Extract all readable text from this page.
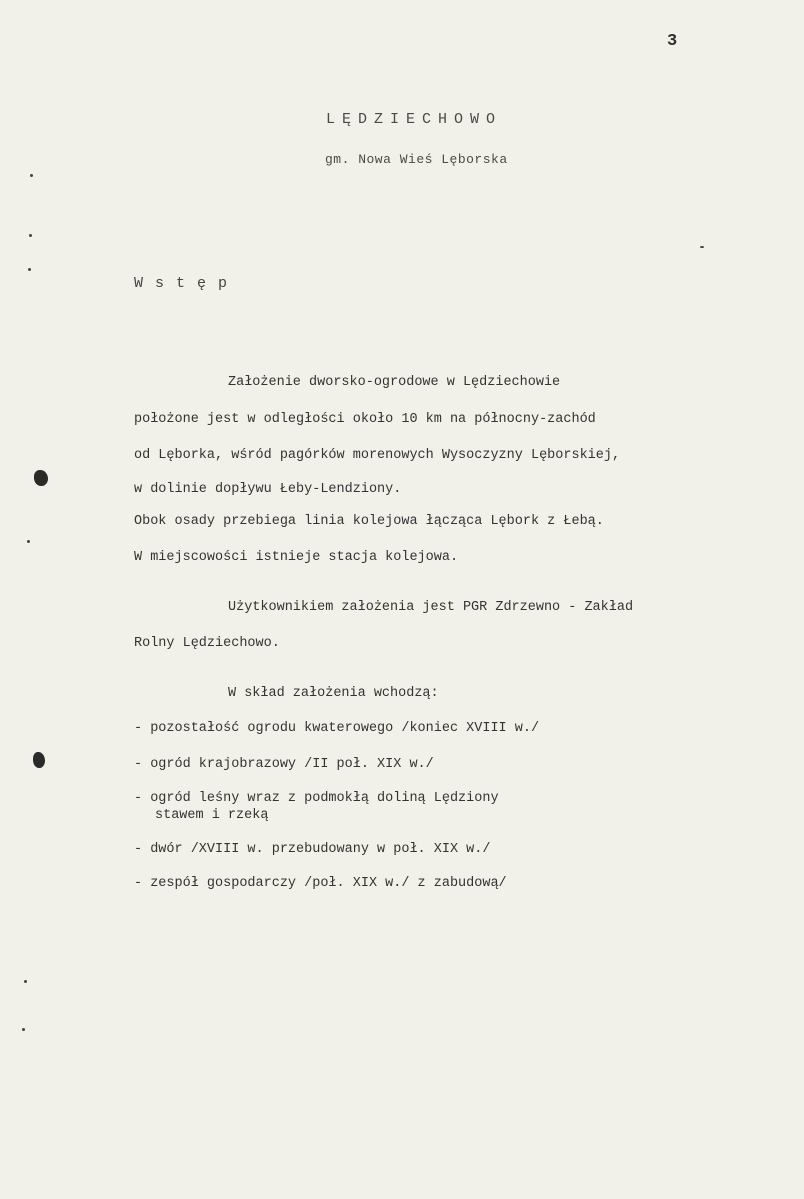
3
LĘDZIECHOWO
gm. Nowa Wieś Lęborska
Wstęp
Założenie dworsko-ogrodowe w Lędziechowie
położone jest w odległości około 10 km na północny-zachód
od Lęborka, wśród pagórków morenowych Wysoczyzny Lęborskiej,
w dolinie dopływu Łeby-Lendziony.
Obok osady przebiega linia kolejowa łącząca Lębork z Łebą.
W miejscowości istnieje stacja kolejowa.
Użytkownikiem założenia jest PGR Zdrzewno - Zakład
Rolny Lędziechowo.
W skład założenia wchodzą:
- pozostałość ogrodu kwaterowego /koniec XVIII w./
- ogród krajobrazowy /II poł. XIX w./
- ogród leśny wraz z podmokłą doliną Lędziony
stawem i rzeką
- dwór /XVIII w. przebudowany w poł. XIX w./
- zespół gospodarczy /poł. XIX w./ z zabudową/
